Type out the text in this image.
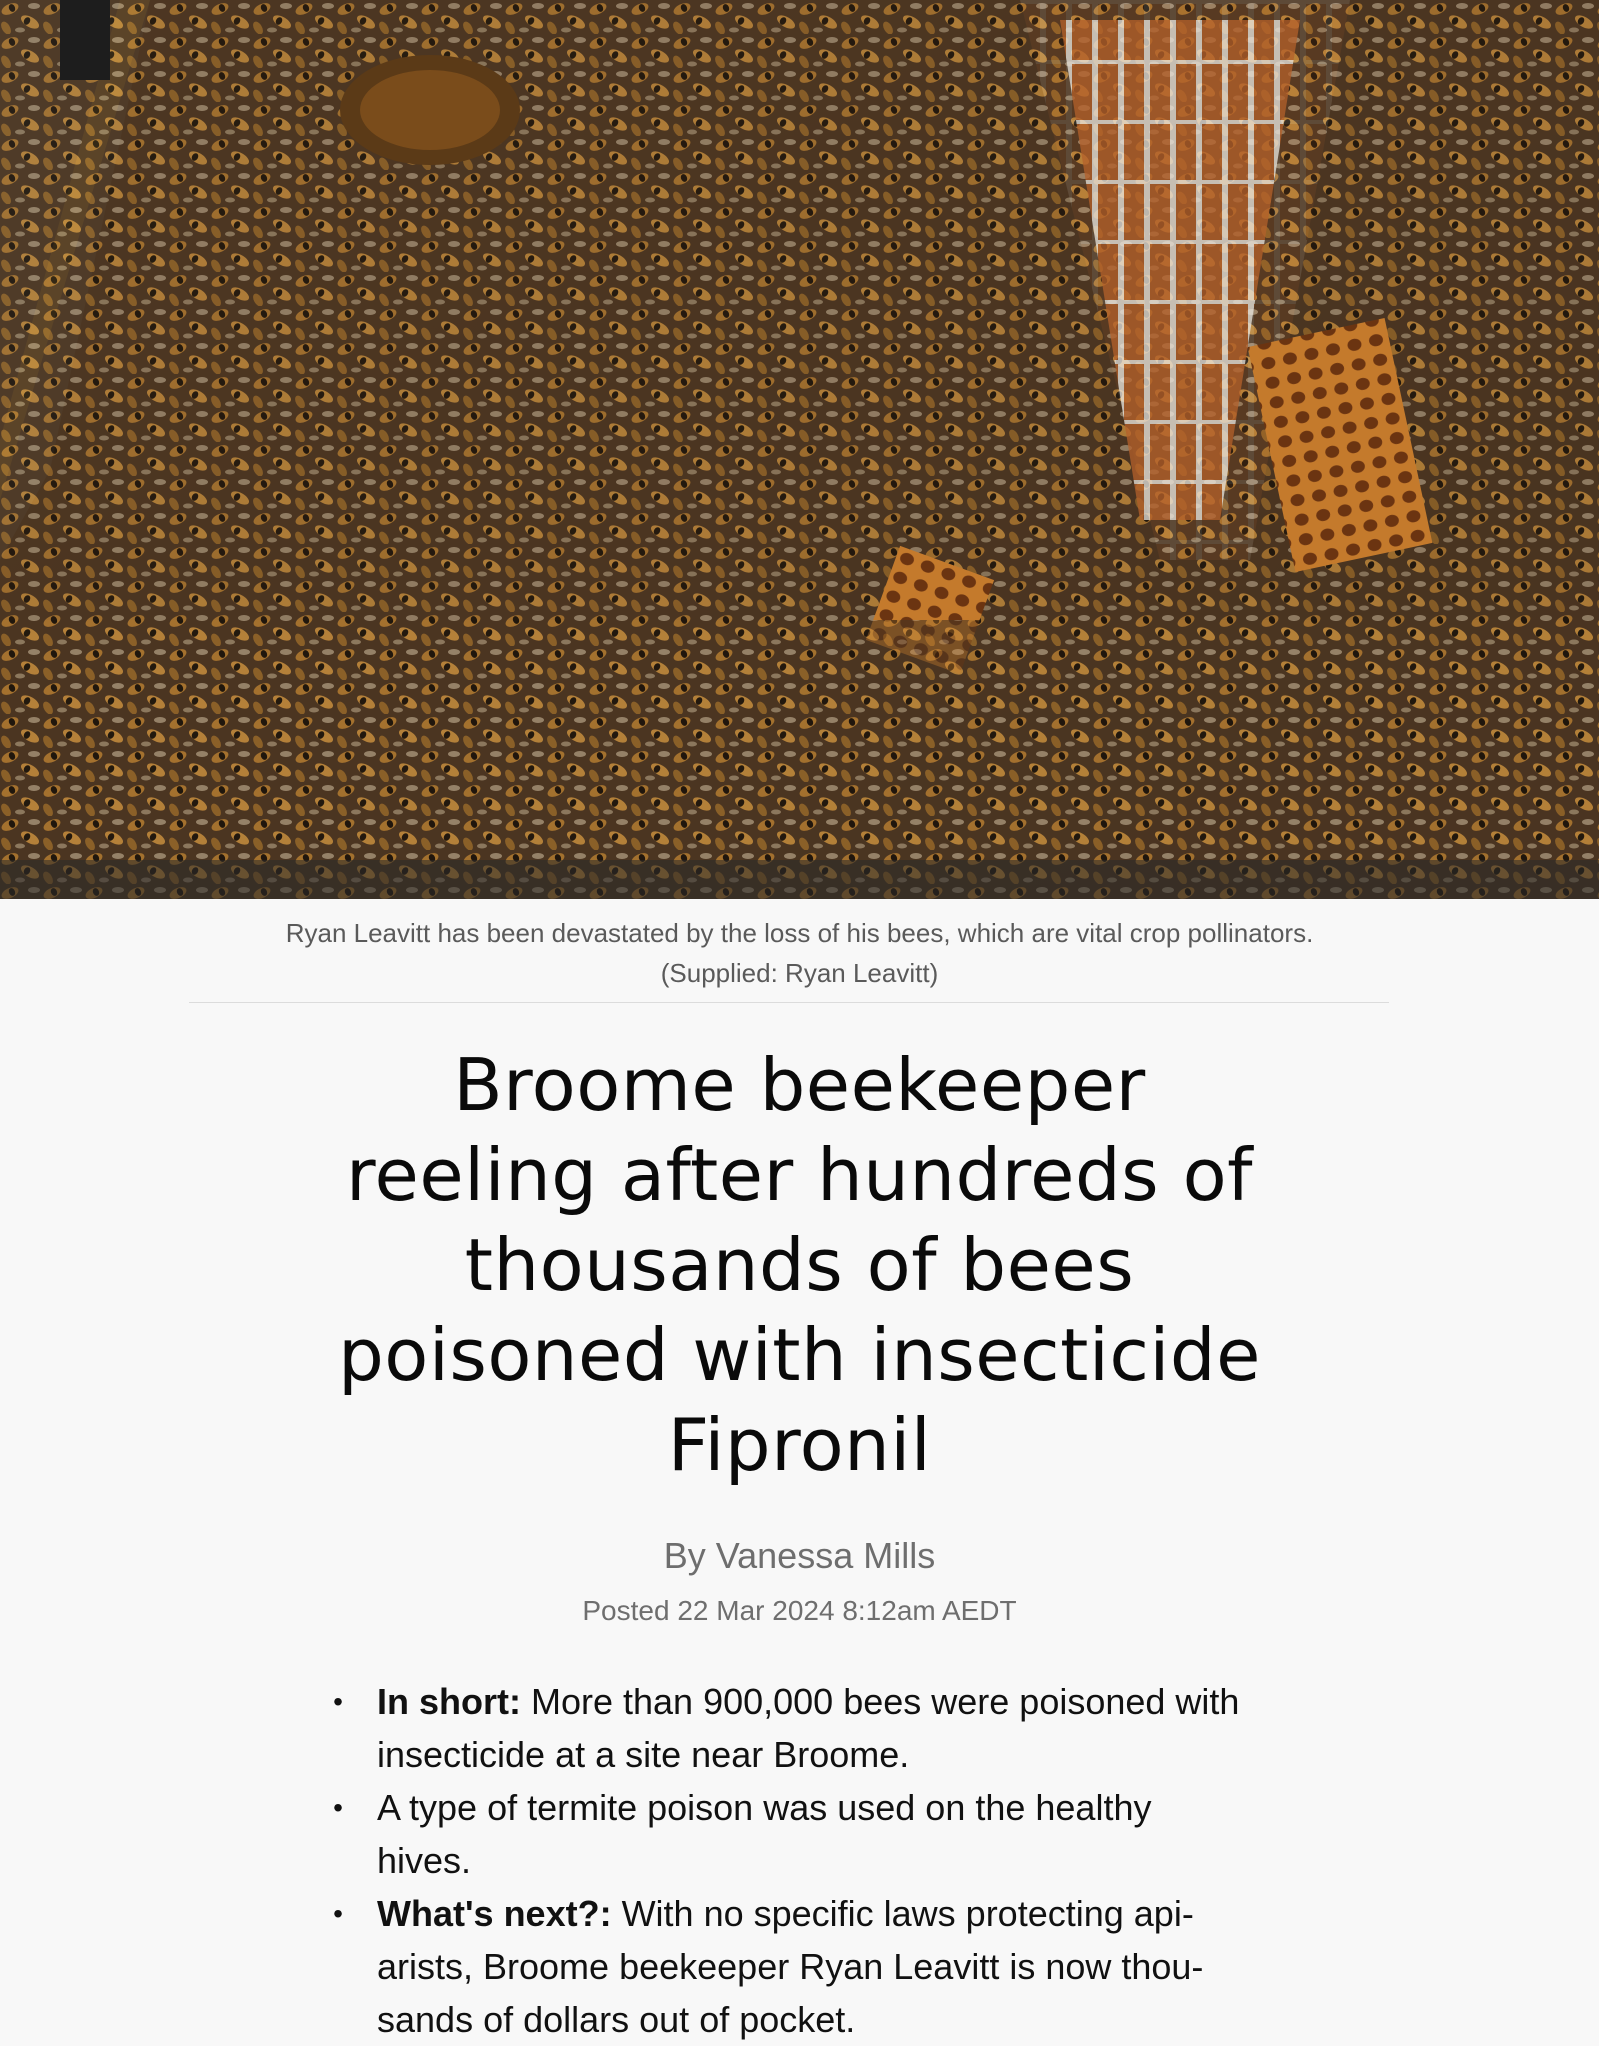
Ryan Leavitt has been devastated by the loss of his bees, which are vital crop pollinators.
(Supplied: Ryan Leavitt)
Broome beekeeper
reeling after hundreds of
thousands of bees
poisoned with insecticide
Fipronil
By Vanessa Mills
Posted 22 Mar 2024 8:12am AEDT
• In short: More than 900,000 bees were poisoned with
insecticide at a site near Broome.
• A type of termite poison was used on the healthy
hives.
• What's next?: With no specific laws protecting api-
arists, Broome beekeeper Ryan Leavitt is now thou-
sands of dollars out of pocket.
